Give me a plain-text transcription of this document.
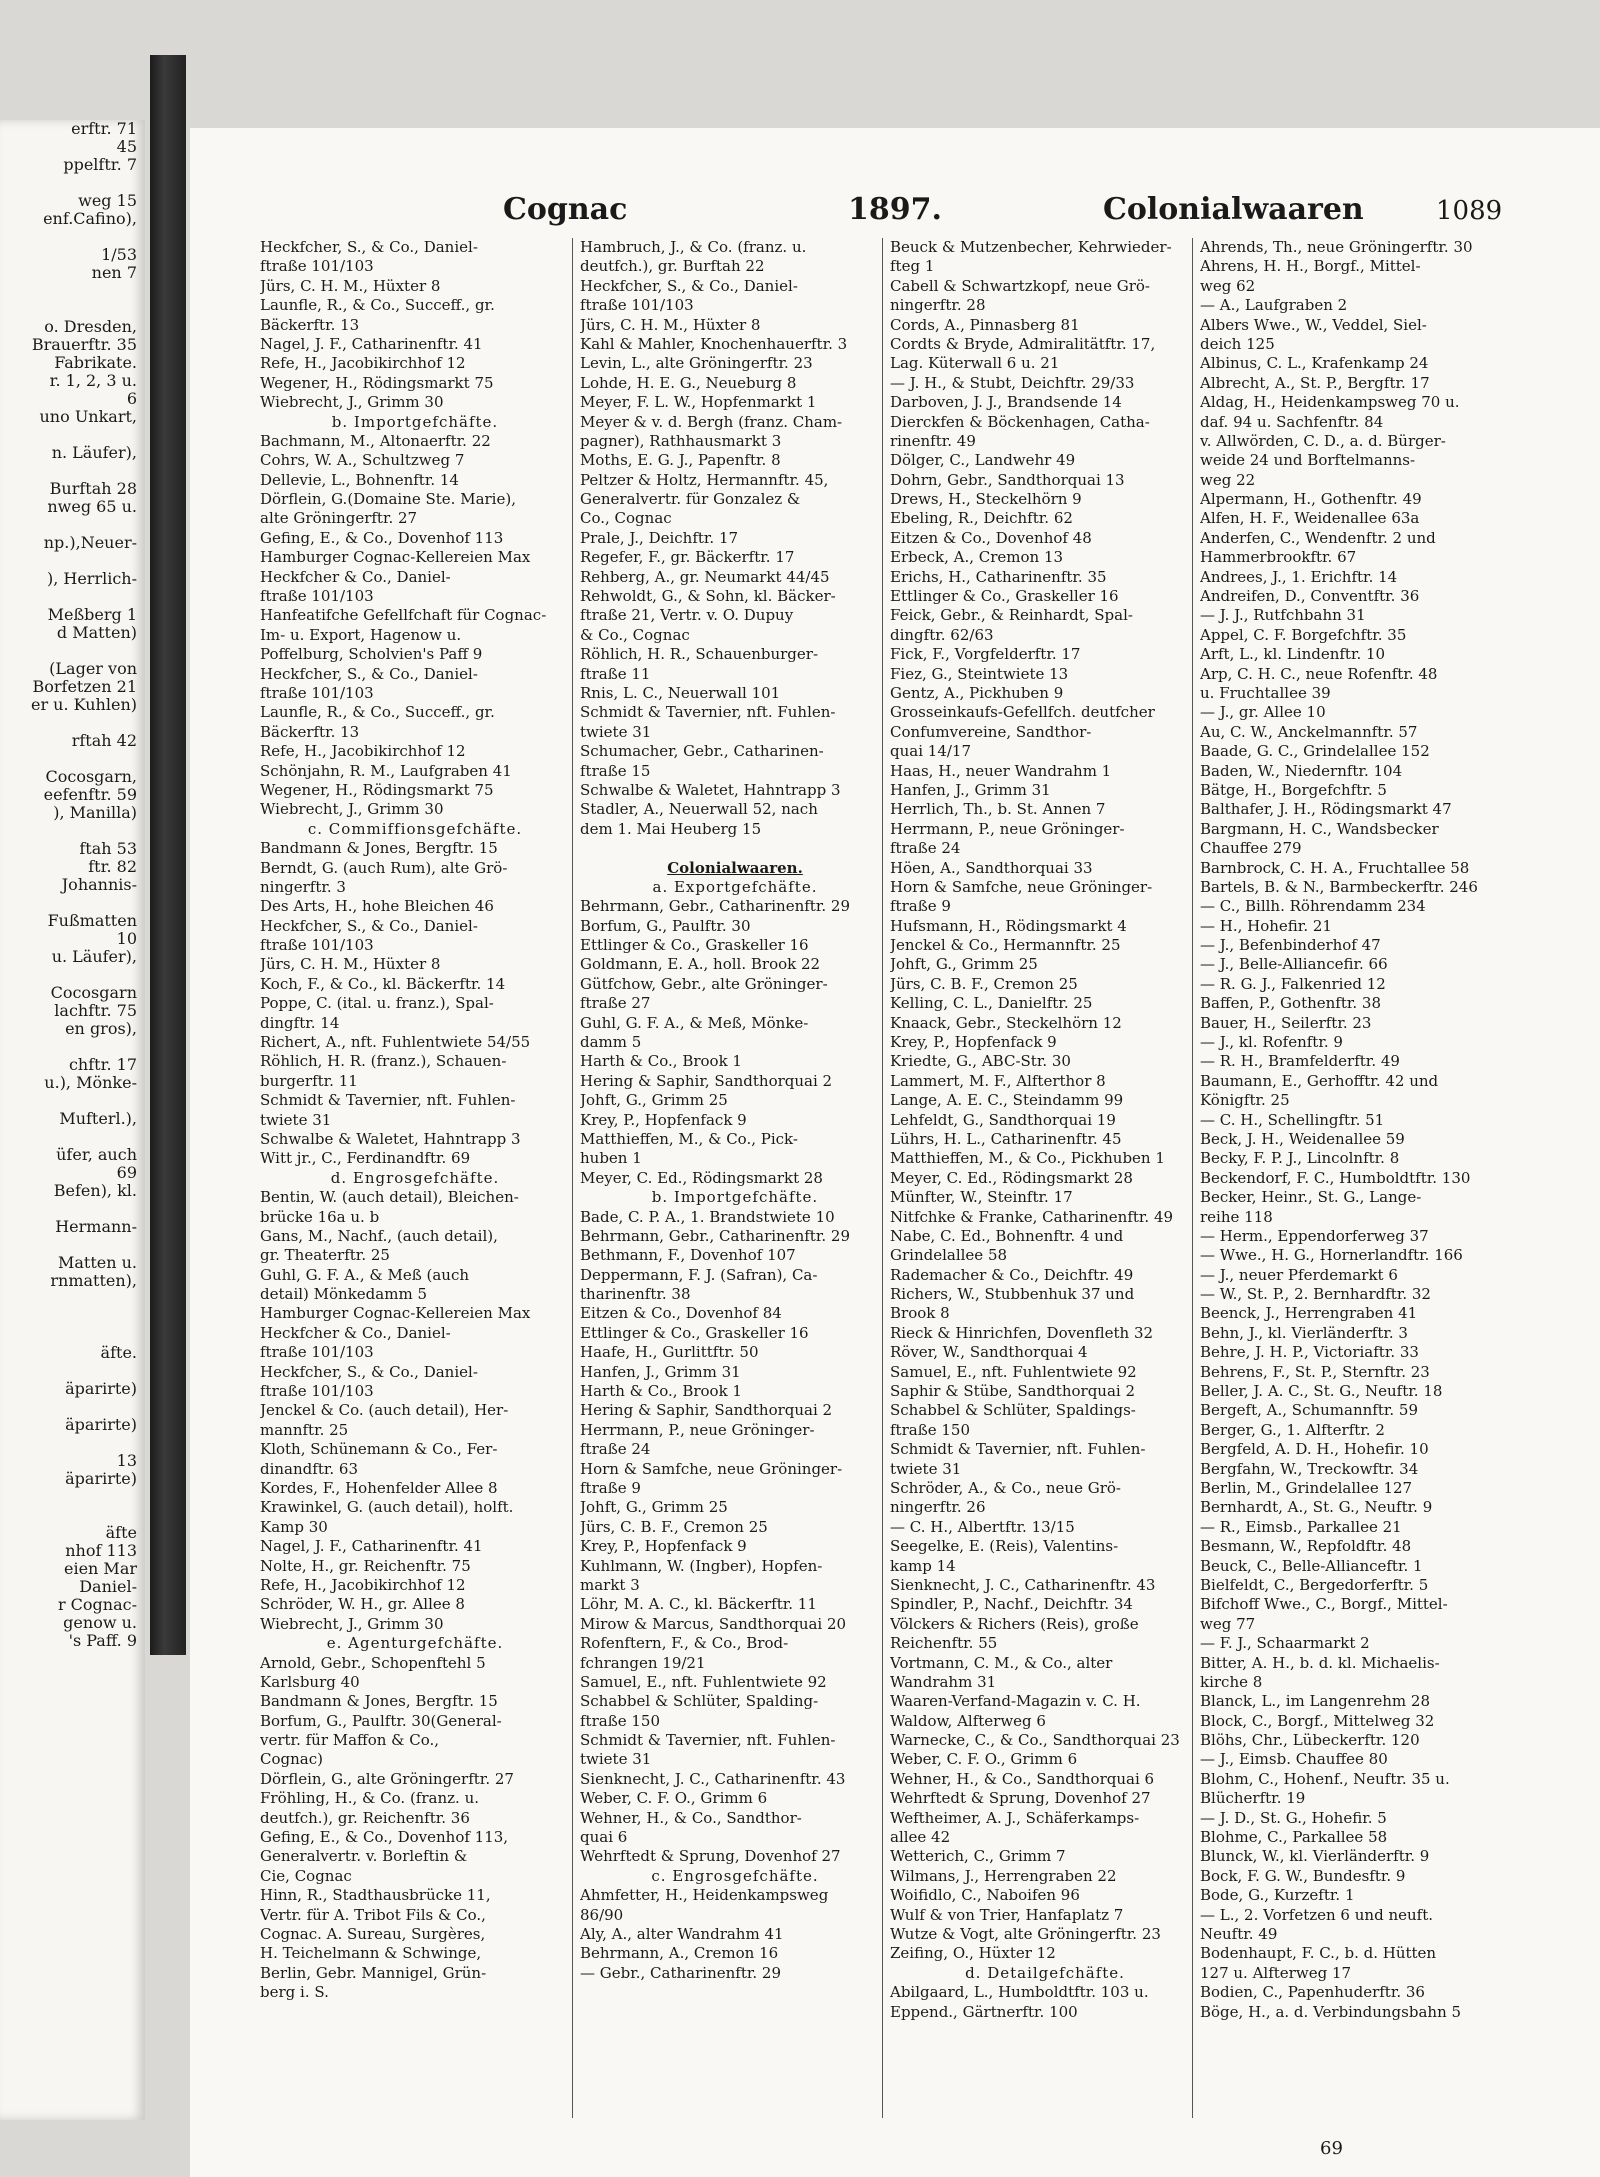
erftr. 71
45
ppelftr. 7
weg 15
enf.Cafino),
1/53
nen 7
o. Dresden,
Brauerftr. 35
Fabrikate.
r. 1, 2, 3 u.
6
uno Unkart,
n. Läufer),
Burftah 28
nweg 65 u.
np.),Neuer-
), Herrlich-
Meßberg 1
d Matten)
(Lager von
Borfetzen 21
er u. Kuhlen)
rftah 42
Cocosgarn,
eefenftr. 59
), Manilla)
ftah 53
ftr. 82
Johannis-
Fußmatten
10
u. Läufer),
Cocosgarn
lachftr. 75
en gros),
chftr. 17
u.), Mönke-
Mufterl.),
üfer, auch
69
Befen), kl.
Hermann-
Matten u.
rnmatten),
äfte.
äparirte)
äparirte)
13
äparirte)
äfte
nhof 113
eien Mar
Daniel-
r Cognac-
genow u.
's Paff. 9
Cognac	1897.	Colonialwaaren	1089
Heckfcher, S., & Co., Daniel-
ftraße 101/103
Jürs, C. H. M., Hüxter 8
Launfle, R., & Co., Succeff., gr.
Bäckerftr. 13
Nagel, J. F., Catharinenftr. 41
Refe, H., Jacobikirchhof 12
Wegener, H., Rödingsmarkt 75
Wiebrecht, J., Grimm 30
b. Importgefchäfte.
Bachmann, M., Altonaerftr. 22
Cohrs, W. A., Schultzweg 7
Dellevie, L., Bohnenftr. 14
Dörflein, G.(Domaine Ste. Marie),
alte Gröningerftr. 27
Gefing, E., & Co., Dovenhof 113
Hamburger Cognac-Kellereien Max
Heckfcher & Co., Daniel-
ftraße 101/103
Hanfeatifche Gefellfchaft für Cognac-
Im- u. Export, Hagenow u.
Poffelburg, Scholvien's Paff 9
Heckfcher, S., & Co., Daniel-
ftraße 101/103
Launfle, R., & Co., Succeff., gr.
Bäckerftr. 13
Refe, H., Jacobikirchhof 12
Schönjahn, R. M., Laufgraben 41
Wegener, H., Rödingsmarkt 75
Wiebrecht, J., Grimm 30
c. Commiffionsgefchäfte.
Bandmann & Jones, Bergftr. 15
Berndt, G. (auch Rum), alte Grö-
ningerftr. 3
Des Arts, H., hohe Bleichen 46
Heckfcher, S., & Co., Daniel-
ftraße 101/103
Jürs, C. H. M., Hüxter 8
Koch, F., & Co., kl. Bäckerftr. 14
Poppe, C. (ital. u. franz.), Spal-
dingftr. 14
Richert, A., nft. Fuhlentwiete 54/55
Röhlich, H. R. (franz.), Schauen-
burgerftr. 11
Schmidt & Tavernier, nft. Fuhlen-
twiete 31
Schwalbe & Waletet, Hahntrapp 3
Witt jr., C., Ferdinandftr. 69
d. Engrosgefchäfte.
Bentin, W. (auch detail), Bleichen-
brücke 16a u. b
Gans, M., Nachf., (auch detail),
gr. Theaterftr. 25
Guhl, G. F. A., & Meß (auch
detail) Mönkedamm 5
Hamburger Cognac-Kellereien Max
Heckfcher & Co., Daniel-
ftraße 101/103
Heckfcher, S., & Co., Daniel-
ftraße 101/103
Jenckel & Co. (auch detail), Her-
mannftr. 25
Kloth, Schünemann & Co., Fer-
dinandftr. 63
Kordes, F., Hohenfelder Allee 8
Krawinkel, G. (auch detail), holft.
Kamp 30
Nagel, J. F., Catharinenftr. 41
Nolte, H., gr. Reichenftr. 75
Refe, H., Jacobikirchhof 12
Schröder, W. H., gr. Allee 8
Wiebrecht, J., Grimm 30
e. Agenturgefchäfte.
Arnold, Gebr., Schopenftehl 5
Karlsburg 40
Bandmann & Jones, Bergftr. 15
Borfum, G., Paulftr. 30(General-
vertr. für Maffon & Co.,
Cognac)
Dörflein, G., alte Gröningerftr. 27
Fröhling, H., & Co. (franz. u.
deutfch.), gr. Reichenftr. 36
Gefing, E., & Co., Dovenhof 113,
Generalvertr. v. Borleftin &
Cie, Cognac
Hinn, R., Stadthausbrücke 11,
Vertr. für A. Tribot Fils & Co.,
Cognac. A. Sureau, Surgères,
H. Teichelmann & Schwinge,
Berlin, Gebr. Mannigel, Grün-
berg i. S.
Hambruch, J., & Co. (franz. u.
deutfch.), gr. Burftah 22
Heckfcher, S., & Co., Daniel-
ftraße 101/103
Jürs, C. H. M., Hüxter 8
Kahl & Mahler, Knochenhauerftr. 3
Levin, L., alte Gröningerftr. 23
Lohde, H. E. G., Neueburg 8
Meyer, F. L. W., Hopfenmarkt 1
Meyer & v. d. Bergh (franz. Cham-
pagner), Rathhausmarkt 3
Moths, E. G. J., Papenftr. 8
Peltzer & Holtz, Hermannftr. 45,
Generalvertr. für Gonzalez &
Co., Cognac
Prale, J., Deichftr. 17
Regefer, F., gr. Bäckerftr. 17
Rehberg, A., gr. Neumarkt 44/45
Rehwoldt, G., & Sohn, kl. Bäcker-
ftraße 21, Vertr. v. O. Dupuy
& Co., Cognac
Röhlich, H. R., Schauenburger-
ftraße 11
Rnis, L. C., Neuerwall 101
Schmidt & Tavernier, nft. Fuhlen-
twiete 31
Schumacher, Gebr., Catharinen-
ftraße 15
Schwalbe & Waletet, Hahntrapp 3
Stadler, A., Neuerwall 52, nach
dem 1. Mai Heuberg 15
Colonialwaaren.
a. Exportgefchäfte.
Behrmann, Gebr., Catharinenftr. 29
Borfum, G., Paulftr. 30
Ettlinger & Co., Graskeller 16
Goldmann, E. A., holl. Brook 22
Gütfchow, Gebr., alte Gröninger-
ftraße 27
Guhl, G. F. A., & Meß, Mönke-
damm 5
Harth & Co., Brook 1
Hering & Saphir, Sandthorquai 2
Johft, G., Grimm 25
Krey, P., Hopfenfack 9
Matthieffen, M., & Co., Pick-
huben 1
Meyer, C. Ed., Rödingsmarkt 28
b. Importgefchäfte.
Bade, C. P. A., 1. Brandstwiete 10
Behrmann, Gebr., Catharinenftr. 29
Bethmann, F., Dovenhof 107
Deppermann, F. J. (Safran), Ca-
tharinenftr. 38
Eitzen & Co., Dovenhof 84
Ettlinger & Co., Graskeller 16
Haafe, H., Gurlittftr. 50
Hanfen, J., Grimm 31
Harth & Co., Brook 1
Hering & Saphir, Sandthorquai 2
Herrmann, P., neue Gröninger-
ftraße 24
Horn & Samfche, neue Gröninger-
ftraße 9
Johft, G., Grimm 25
Jürs, C. B. F., Cremon 25
Krey, P., Hopfenfack 9
Kuhlmann, W. (Ingber), Hopfen-
markt 3
Löhr, M. A. C., kl. Bäckerftr. 11
Mirow & Marcus, Sandthorquai 20
Rofenftern, F., & Co., Brod-
fchrangen 19/21
Samuel, E., nft. Fuhlentwiete 92
Schabbel & Schlüter, Spalding-
ftraße 150
Schmidt & Tavernier, nft. Fuhlen-
twiete 31
Sienknecht, J. C., Catharinenftr. 43
Weber, C. F. O., Grimm 6
Wehner, H., & Co., Sandthor-
quai 6
Wehrftedt & Sprung, Dovenhof 27
c. Engrosgefchäfte.
Ahmfetter, H., Heidenkampsweg
86/90
Aly, A., alter Wandrahm 41
Behrmann, A., Cremon 16
— Gebr., Catharinenftr. 29
Beuck & Mutzenbecher, Kehrwieder-
fteg 1
Cabell & Schwartzkopf, neue Grö-
ningerftr. 28
Cords, A., Pinnasberg 81
Cordts & Bryde, Admiralitätftr. 17,
Lag. Küterwall 6 u. 21
— J. H., & Stubt, Deichftr. 29/33
Darboven, J. J., Brandsende 14
Dierckfen & Böckenhagen, Catha-
rinenftr. 49
Dölger, C., Landwehr 49
Dohrn, Gebr., Sandthorquai 13
Drews, H., Steckelhörn 9
Ebeling, R., Deichftr. 62
Eitzen & Co., Dovenhof 48
Erbeck, A., Cremon 13
Erichs, H., Catharinenftr. 35
Ettlinger & Co., Graskeller 16
Feick, Gebr., & Reinhardt, Spal-
dingftr. 62/63
Fick, F., Vorgfelderftr. 17
Fiez, G., Steintwiete 13
Gentz, A., Pickhuben 9
Grosseinkaufs-Gefellfch. deutfcher
Confumvereine, Sandthor-
quai 14/17
Haas, H., neuer Wandrahm 1
Hanfen, J., Grimm 31
Herrlich, Th., b. St. Annen 7
Herrmann, P., neue Gröninger-
ftraße 24
Höen, A., Sandthorquai 33
Horn & Samfche, neue Gröninger-
ftraße 9
Hufsmann, H., Rödingsmarkt 4
Jenckel & Co., Hermannftr. 25
Johft, G., Grimm 25
Jürs, C. B. F., Cremon 25
Kelling, C. L., Danielftr. 25
Knaack, Gebr., Steckelhörn 12
Krey, P., Hopfenfack 9
Kriedte, G., ABC-Str. 30
Lammert, M. F., Alfterthor 8
Lange, A. E. C., Steindamm 99
Lehfeldt, G., Sandthorquai 19
Lührs, H. L., Catharinenftr. 45
Matthieffen, M., & Co., Pickhuben 1
Meyer, C. Ed., Rödingsmarkt 28
Münfter, W., Steinftr. 17
Nitfchke & Franke, Catharinenftr. 49
Nabe, C. Ed., Bohnenftr. 4 und
Grindelallee 58
Rademacher & Co., Deichftr. 49
Richers, W., Stubbenhuk 37 und
Brook 8
Rieck & Hinrichfen, Dovenfleth 32
Röver, W., Sandthorquai 4
Samuel, E., nft. Fuhlentwiete 92
Saphir & Stübe, Sandthorquai 2
Schabbel & Schlüter, Spaldings-
ftraße 150
Schmidt & Tavernier, nft. Fuhlen-
twiete 31
Schröder, A., & Co., neue Grö-
ningerftr. 26
— C. H., Albertftr. 13/15
Seegelke, E. (Reis), Valentins-
kamp 14
Sienknecht, J. C., Catharinenftr. 43
Spindler, P., Nachf., Deichftr. 34
Völckers & Richers (Reis), große
Reichenftr. 55
Vortmann, C. M., & Co., alter
Wandrahm 31
Waaren-Verfand-Magazin v. C. H.
Waldow, Alfterweg 6
Warnecke, C., & Co., Sandthorquai 23
Weber, C. F. O., Grimm 6
Wehner, H., & Co., Sandthorquai 6
Wehrftedt & Sprung, Dovenhof 27
Weftheimer, A. J., Schäferkamps-
allee 42
Wetterich, C., Grimm 7
Wilmans, J., Herrengraben 22
Woifidlo, C., Naboifen 96
Wulf & von Trier, Hanfaplatz 7
Wutze & Vogt, alte Gröningerftr. 23
Zeifing, O., Hüxter 12
d. Detailgefchäfte.
Abilgaard, L., Humboldtftr. 103 u.
Eppend., Gärtnerftr. 100
Ahrends, Th., neue Gröningerftr. 30
Ahrens, H. H., Borgf., Mittel-
weg 62
— A., Laufgraben 2
Albers Wwe., W., Veddel, Siel-
deich 125
Albinus, C. L., Krafenkamp 24
Albrecht, A., St. P., Bergftr. 17
Aldag, H., Heidenkampsweg 70 u.
daf. 94 u. Sachfenftr. 84
v. Allwörden, C. D., a. d. Bürger-
weide 24 und Borftelmanns-
weg 22
Alpermann, H., Gothenftr. 49
Alfen, H. F., Weidenallee 63a
Anderfen, C., Wendenftr. 2 und
Hammerbrookftr. 67
Andrees, J., 1. Erichftr. 14
Andreifen, D., Conventftr. 36
— J. J., Rutfchbahn 31
Appel, C. F. Borgefchftr. 35
Arft, L., kl. Lindenftr. 10
Arp, C. H. C., neue Rofenftr. 48
u. Fruchtallee 39
— J., gr. Allee 10
Au, C. W., Anckelmannftr. 57
Baade, G. C., Grindelallee 152
Baden, W., Niedernftr. 104
Bätge, H., Borgefchftr. 5
Balthafer, J. H., Rödingsmarkt 47
Bargmann, H. C., Wandsbecker
Chauffee 279
Barnbrock, C. H. A., Fruchtallee 58
Bartels, B. & N., Barmbeckerftr. 246
— C., Billh. Röhrendamm 234
— H., Hohefir. 21
— J., Befenbinderhof 47
— J., Belle-Alliancefir. 66
— R. G. J., Falkenried 12
Baffen, P., Gothenftr. 38
Bauer, H., Seilerftr. 23
— J., kl. Rofenftr. 9
— R. H., Bramfelderftr. 49
Baumann, E., Gerhofftr. 42 und
Königftr. 25
— C. H., Schellingftr. 51
Beck, J. H., Weidenallee 59
Becky, F. P. J., Lincolnftr. 8
Beckendorf, F. C., Humboldtftr. 130
Becker, Heinr., St. G., Lange-
reihe 118
— Herm., Eppendorferweg 37
— Wwe., H. G., Hornerlandftr. 166
— J., neuer Pferdemarkt 6
— W., St. P., 2. Bernhardftr. 32
Beenck, J., Herrengraben 41
Behn, J., kl. Vierländerftr. 3
Behre, J. H. P., Victoriaftr. 33
Behrens, F., St. P., Sternftr. 23
Beller, J. A. C., St. G., Neuftr. 18
Bergeft, A., Schumannftr. 59
Berger, G., 1. Alfterftr. 2
Bergfeld, A. D. H., Hohefir. 10
Bergfahn, W., Treckowftr. 34
Berlin, M., Grindelallee 127
Bernhardt, A., St. G., Neuftr. 9
— R., Eimsb., Parkallee 21
Besmann, W., Repfoldftr. 48
Beuck, C., Belle-Allianceftr. 1
Bielfeldt, C., Bergedorferftr. 5
Bifchoff Wwe., C., Borgf., Mittel-
weg 77
— F. J., Schaarmarkt 2
Bitter, A. H., b. d. kl. Michaelis-
kirche 8
Blanck, L., im Langenrehm 28
Block, C., Borgf., Mittelweg 32
Blöhs, Chr., Lübeckerftr. 120
— J., Eimsb. Chauffee 80
Blohm, C., Hohenf., Neuftr. 35 u.
Blücherftr. 19
— J. D., St. G., Hohefir. 5
Blohme, C., Parkallee 58
Blunck, W., kl. Vierländerftr. 9
Bock, F. G. W., Bundesftr. 9
Bode, G., Kurzeftr. 1
— L., 2. Vorfetzen 6 und neuft.
Neuftr. 49
Bodenhaupt, F. C., b. d. Hütten
127 u. Alfterweg 17
Bodien, C., Papenhuderftr. 36
Böge, H., a. d. Verbindungsbahn 5
69
